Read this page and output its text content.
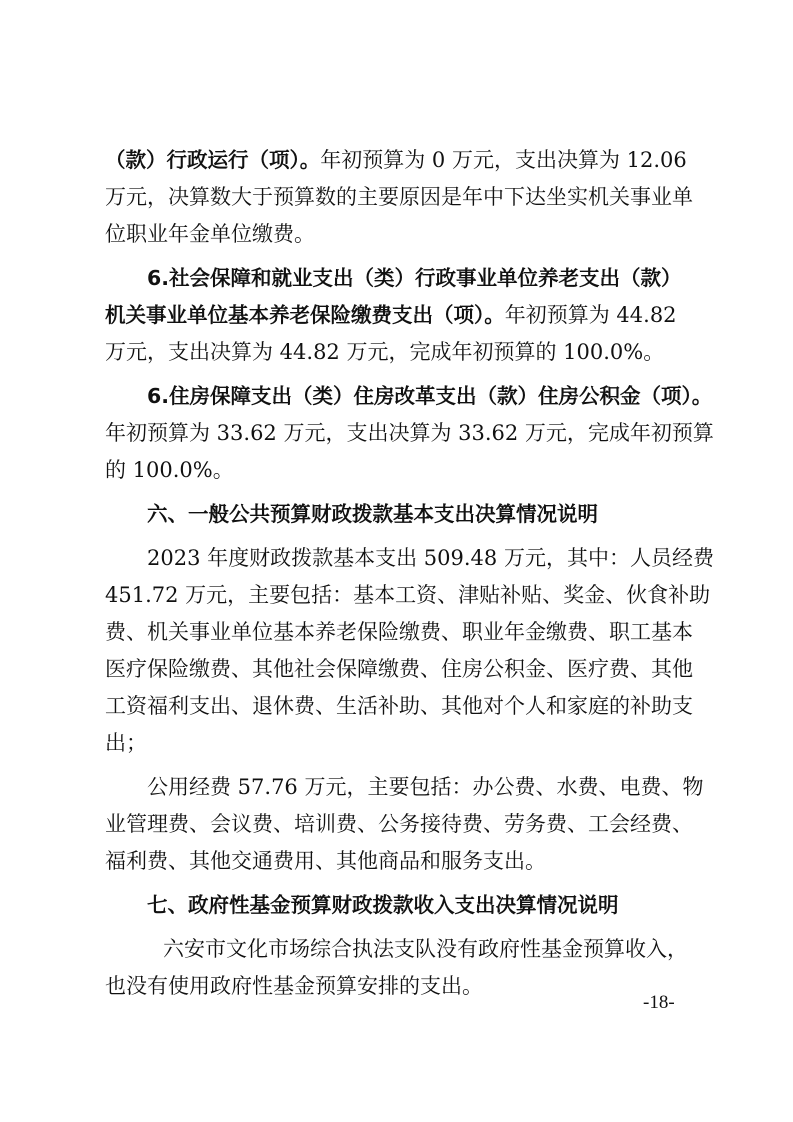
（款）行政运行（项）。年初预算为 0 万元，支出决算为 12.06
万元，决算数大于预算数的主要原因是年中下达坐实机关事业单
位职业年金单位缴费。
6.社会保障和就业支出（类）行政事业单位养老支出（款）
机关事业单位基本养老保险缴费支出（项）。年初预算为 44.82
万元，支出决算为 44.82 万元，完成年初预算的 100.0%。
6.住房保障支出（类）住房改革支出（款）住房公积金（项）。
年初预算为 33.62 万元，支出决算为 33.62 万元，完成年初预算
的 100.0%。
六、一般公共预算财政拨款基本支出决算情况说明
2023 年度财政拨款基本支出 509.48 万元，其中：人员经费
451.72 万元，主要包括：基本工资、津贴补贴、奖金、伙食补助
费、机关事业单位基本养老保险缴费、职业年金缴费、职工基本
医疗保险缴费、其他社会保障缴费、住房公积金、医疗费、其他
工资福利支出、退休费、生活补助、其他对个人和家庭的补助支
出；
公用经费 57.76 万元，主要包括：办公费、水费、电费、物
业管理费、会议费、培训费、公务接待费、劳务费、工会经费、
福利费、其他交通费用、其他商品和服务支出。
七、政府性基金预算财政拨款收入支出决算情况说明
六安市文化市场综合执法支队没有政府性基金预算收入，
也没有使用政府性基金预算安排的支出。
-18-
